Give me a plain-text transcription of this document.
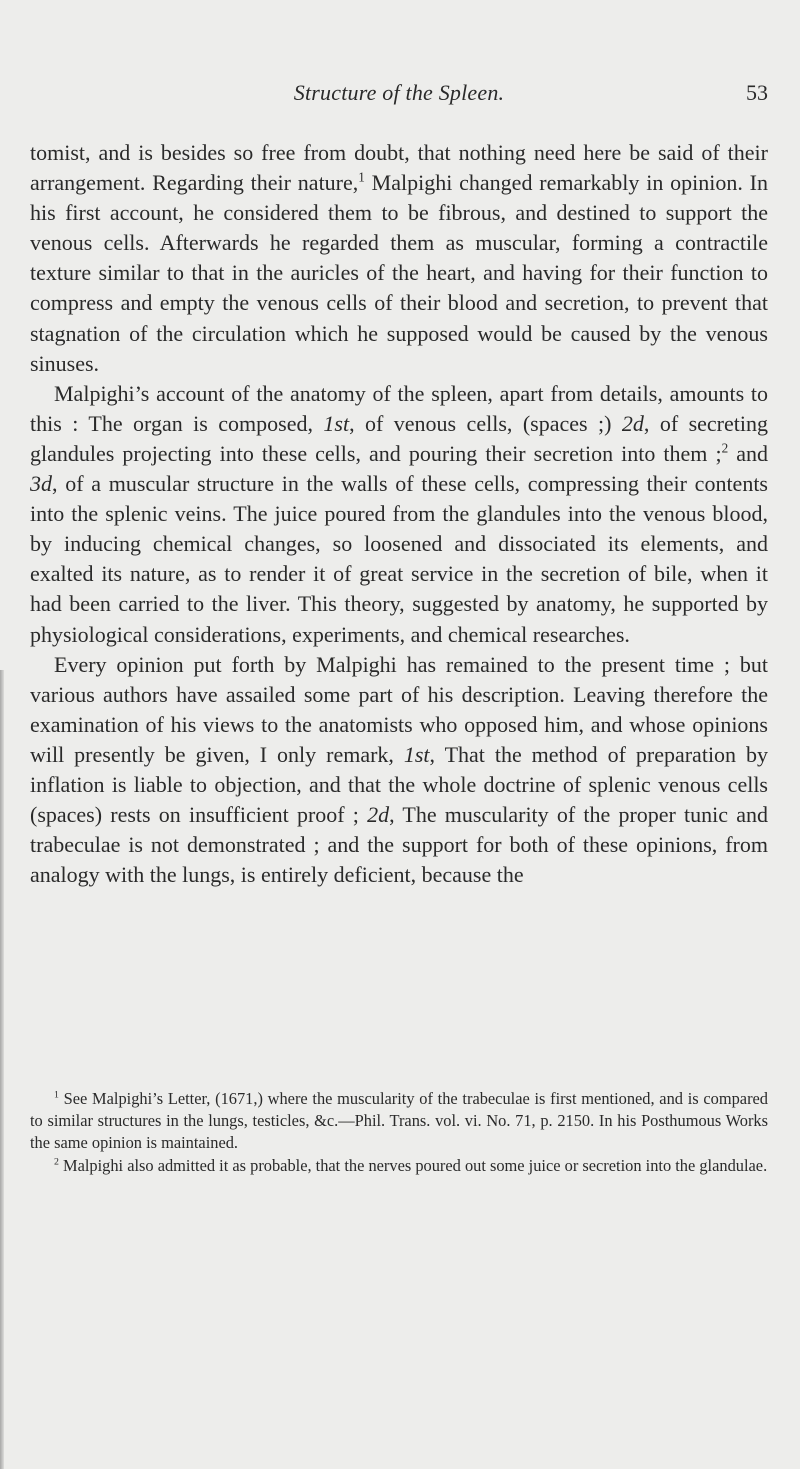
Structure of the Spleen.	53

tomist, and is besides so free from doubt, that nothing need here be said of their arrangement. Regarding their nature,$^1$ Malpighi changed remarkably in opinion. In his first account, he considered them to be fibrous, and destined to support the venous cells. Afterwards he regarded them as muscular, forming a contractile texture similar to that in the auricles of the heart, and having for their function to compress and empty the venous cells of their blood and secretion, to prevent that stagnation of the circulation which he supposed would be caused by the venous sinuses.

Malpighi’s account of the anatomy of the spleen, apart from details, amounts to this : The organ is composed, 1st, of venous cells, (spaces ;) 2d, of secreting glandules projecting into these cells, and pouring their secretion into them ;$^2$ and 3d, of a muscular structure in the walls of these cells, compressing their contents into the splenic veins. The juice poured from the glandules into the venous blood, by inducing chemical changes, so loosened and dissociated its elements, and exalted its nature, as to render it of great service in the secretion of bile, when it had been carried to the liver. This theory, suggested by anatomy, he supported by physiological considerations, experiments, and chemical researches.

Every opinion put forth by Malpighi has remained to the present time ; but various authors have assailed some part of his description. Leaving therefore the examination of his views to the anatomists who opposed him, and whose opinions will presently be given, I only remark, 1st, That the method of preparation by inflation is liable to objection, and that the whole doctrine of splenic venous cells (spaces) rests on insufficient proof ; 2d, The muscularity of the proper tunic and trabeculae is not demonstrated ; and the support for both of these opinions, from analogy with the lungs, is entirely deficient, because the

$^1$ See Malpighi’s Letter, (1671,) where the muscularity of the trabeculae is first mentioned, and is compared to similar structures in the lungs, testicles, &c.—Phil. Trans. vol. vi. No. 71, p. 2150. In his Posthumous Works the same opinion is maintained.

$^2$ Malpighi also admitted it as probable, that the nerves poured out some juice or secretion into the glandulae.
